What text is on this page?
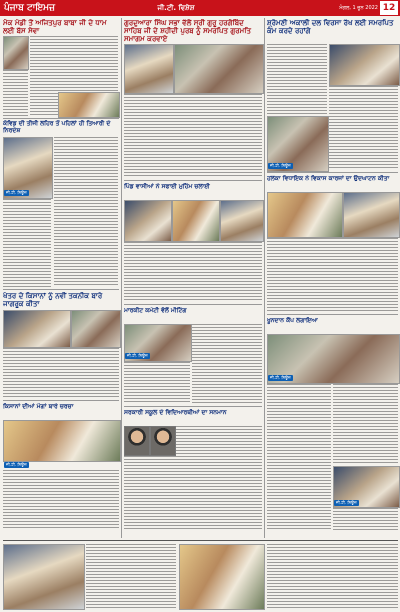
ਪੰਜਾਬ ਟਾਇਮਜ਼	ਜੀ.ਟੀ. ਵਿਸ਼ੇਸ਼	ਮੰਗਲ, 1 ਜੂਨ 2022 12
ਮੋਕ ਮੰਡੀ ਤੋਂ ਅਜਿਤਪੁਰ ਬਾਬਾ ਜੀ ਦੇ ਧਾਮ ਲਈ ਬੱਸ ਸੇਵਾ
ਕੋਵਿਡ ਦੀ ਤੀਜੀ ਲਹਿਰ ਤੋਂ ਪਹਿਲਾਂ ਹੀ ਤਿਆਰੀ ਦੇ ਨਿਰਦੇਸ਼
ਜੀ.ਟੀ. ਨਿਊਜ਼
ਖੇਤਰ ਦੇ ਕਿਸਾਨਾਂ ਨੂੰ ਨਵੀਂ ਤਕਨੀਕ ਬਾਰੇ ਜਾਗਰੂਕ ਕੀਤਾ
ਕਿਸਾਨਾਂ ਦੀਆਂ ਮੰਗਾਂ ਬਾਰੇ ਚਰਚਾ
ਜੀ.ਟੀ. ਨਿਊਜ਼
ਗੁਰਦੁਆਰਾ ਸਿੰਘ ਸਭਾ ਵੱਲੋਂ ਸ੍ਰੀ ਗੁਰੂ ਹਰਗੋਬਿੰਦ ਸਾਹਿਬ ਜੀ ਦੇ ਸ਼ਹੀਦੀ ਪੁਰਬ ਨੂੰ ਸਮਰਪਿਤ ਗੁਰਮਤਿ ਸਮਾਗਮ ਕਰਵਾਏ
ਪਿੰਡ ਵਾਸੀਆਂ ਨੇ ਸਫਾਈ ਮੁਹਿੰਮ ਚਲਾਈ
ਮਾਰਕੀਟ ਕਮੇਟੀ ਵੱਲੋਂ ਮੀਟਿੰਗ
ਜੀ.ਟੀ. ਨਿਊਜ਼
ਸਰਕਾਰੀ ਸਕੂਲ ਦੇ ਵਿਦਿਆਰਥੀਆਂ ਦਾ ਸਨਮਾਨ
ਸ਼੍ਰੋਮਣੀ ਅਕਾਲੀ ਦਲ ਵਿਰਸਾ ਰੱਖ ਲਈ ਸਮਰਪਿਤ ਕੰਮ ਕਰਦੇ ਰਹਾਂਗੇ
ਜੀ.ਟੀ. ਨਿਊਜ਼
ਹਲਕਾ ਵਿਧਾਇਕ ਨੇ ਵਿਕਾਸ ਕਾਰਜਾਂ ਦਾ ਉਦਘਾਟਨ ਕੀਤਾ
ਖੂਨਦਾਨ ਕੈਂਪ ਲਗਾਇਆ
ਜੀ.ਟੀ. ਨਿਊਜ਼
ਜੀ.ਟੀ. ਨਿਊਜ਼
